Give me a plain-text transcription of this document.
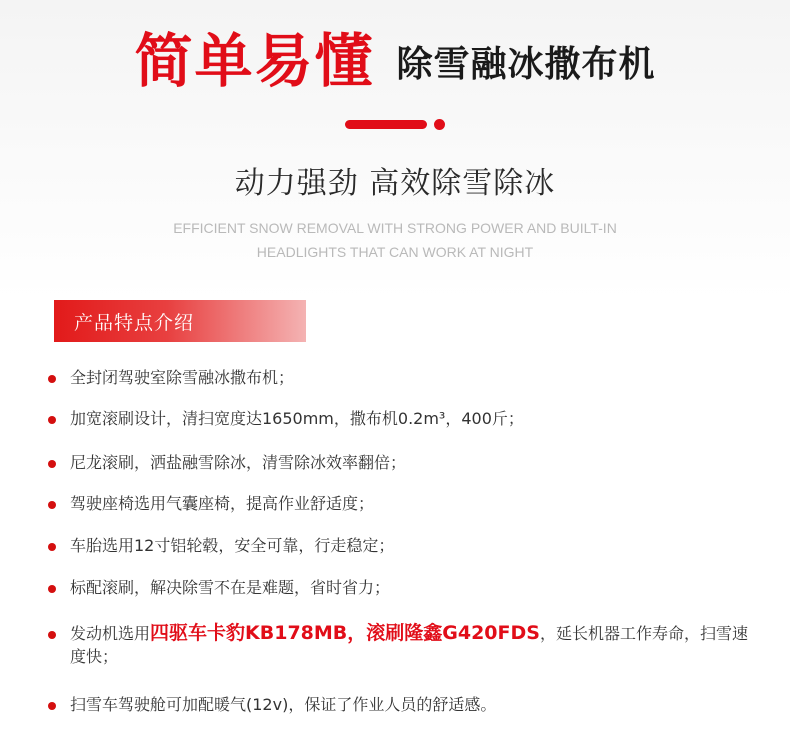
简单易懂 除雪融冰撒布机
动力强劲 高效除雪除冰
EFFICIENT SNOW REMOVAL WITH STRONG POWER AND BUILT-IN
HEADLIGHTS THAT CAN WORK AT NIGHT
产品特点介绍
全封闭驾驶室除雪融冰撒布机；
加宽滚刷设计，清扫宽度达1650mm，撒布机0.2m³，400斤；
尼龙滚刷，洒盐融雪除冰，清雪除冰效率翻倍；
驾驶座椅选用气囊座椅，提高作业舒适度；
车胎选用12寸铝轮毂，安全可靠，行走稳定；
标配滚刷，解决除雪不在是难题，省时省力；
发动机选用四驱车卡豹KB178MB，滚刷隆鑫G420FDS，延长机器工作寿命，扫雪速度快；
扫雪车驾驶舱可加配暖气(12v)，保证了作业人员的舒适感。
